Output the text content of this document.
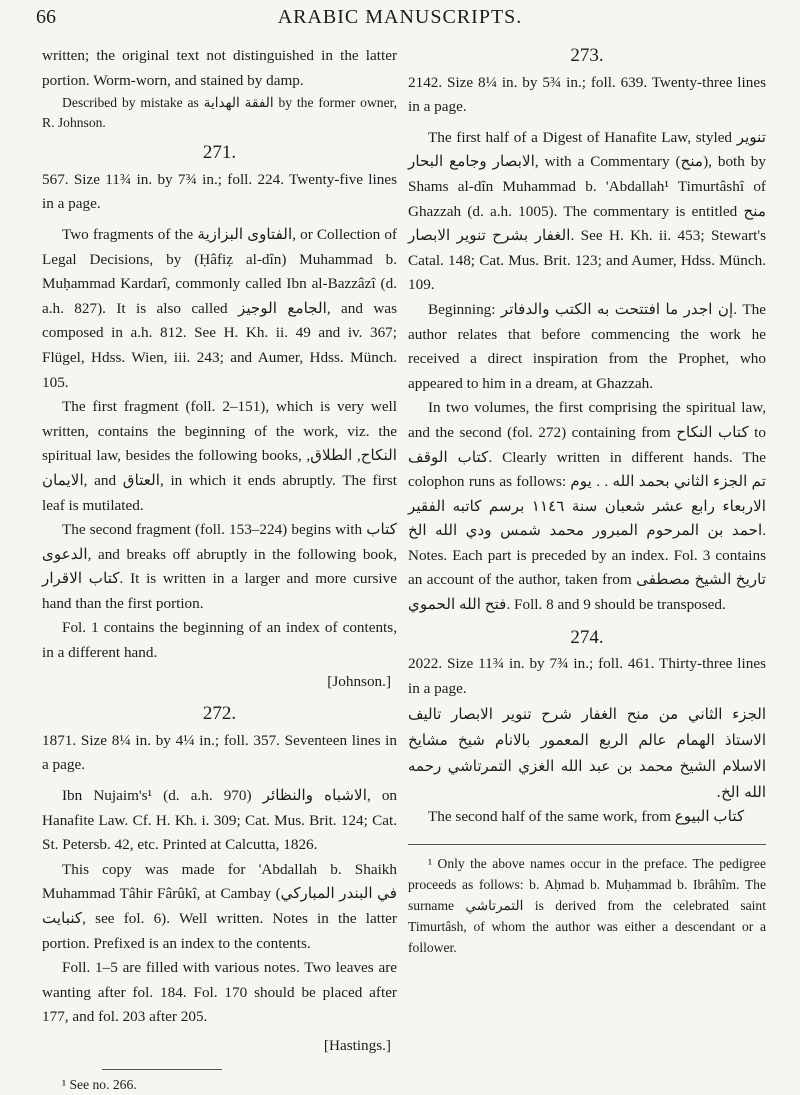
66	ARABIC MANUSCRIPTS.

written; the original text not distinguished in the latter portion. Worm-worn, and stained by damp.

Described by mistake as الفقة الهداية by the former owner, R. Johnson.

271.

567. Size 11¾ in. by 7¾ in.; foll. 224. Twenty-five lines in a page.

Two fragments of the الفتاوى البزازية, or Collection of Legal Decisions, by (Ḥâfiẓ al-dîn) Muhammad b. Muḥammad Kardarî, commonly called Ibn al-Bazzâzî (d. a.h. 827). It is also called الجامع الوجيز, and was composed in a.h. 812. See H. Kh. ii. 49 and iv. 367; Flügel, Hdss. Wien, iii. 243; and Aumer, Hdss. Münch. 105.

The first fragment (foll. 2–151), which is very well written, contains the beginning of the work, viz. the spiritual law, besides the following books, النكاح, الطلاق, الايمان, and العتاق, in which it ends abruptly. The first leaf is mutilated.

The second fragment (foll. 153–224) begins with كتاب الدعوى, and breaks off abruptly in the following book, كتاب الاقرار. It is written in a larger and more cursive hand than the first portion.

Fol. 1 contains the beginning of an index of contents, in a different hand.

[Johnson.]
272.

1871. Size 8¼ in. by 4¼ in.; foll. 357. Seventeen lines in a page.

Ibn Nujaim's¹ (d. a.h. 970) الاشباه والنظائر, on Hanafite Law. Cf. H. Kh. i. 309; Cat. Mus. Brit. 124; Cat. St. Petersb. 42, etc. Printed at Calcutta, 1826.

This copy was made for 'Abdallah b. Shaikh Muhammad Tâhir Fârûkî, at Cambay (في البندر المباركي كنبايت, see fol. 6). Well written. Notes in the latter portion. Prefixed is an index to the contents.

Foll. 1–5 are filled with various notes. Two leaves are wanting after fol. 184. Fol. 170 should be placed after 177, and fol. 203 after 205.

[Hastings.]

¹ See no. 266.

273.

2142. Size 8¼ in. by 5¾ in.; foll. 639. Twenty-three lines in a page.

The first half of a Digest of Hanafite Law, styled تنوير الابصار وجامع البحار, with a Commentary (منح), both by Shams al-dîn Muhammad b. 'Abdallah¹ Timurtâshî of Ghazzah (d. a.h. 1005). The commentary is entitled منح الغفار بشرح تنوير الابصار. See H. Kh. ii. 453; Stewart's Catal. 148; Cat. Mus. Brit. 123; and Aumer, Hdss. Münch. 109.

Beginning: إن اجدر ما افتتحت به الكتب والدفاتر. The author relates that before commencing the work he received a direct inspiration from the Prophet, who appeared to him in a dream, at Ghazzah.

In two volumes, the first comprising the spiritual law, and the second (fol. 272) containing from كتاب النكاح to كتاب الوقف. Clearly written in different hands. The colophon runs as follows: تم الجزء الثاني بحمد الله . . يوم الاربعاء رابع عشر شعبان سنة ١١٤٦ برسم كاتبه الفقير احمد بن المرحوم المبرور محمد شمس ودي الله الخ. Notes. Each part is preceded by an index. Fol. 3 contains an account of the author, taken from تاريخ الشيخ مصطفى فتح الله الحموي. Foll. 8 and 9 should be transposed.

274.

2022. Size 11¾ in. by 7¾ in.; foll. 461. Thirty-three lines in a page.

الجزء الثاني من منح الغفار شرح تنوير الابصار تاليف الاستاذ الهمام عالم الربع المعمور بالانام شيخ مشايخ الاسلام الشيخ محمد بن عبد الله الغزي التمرتاشي رحمه الله الخ.

The second half of the same work, from كتاب البيوع

¹ Only the above names occur in the preface. The pedigree proceeds as follows: b. Aḥmad b. Muḥammad b. Ibrâhîm. The surname التمرتاشي is derived from the celebrated saint Timurtâsh, of whom the author was either a descendant or a follower.
